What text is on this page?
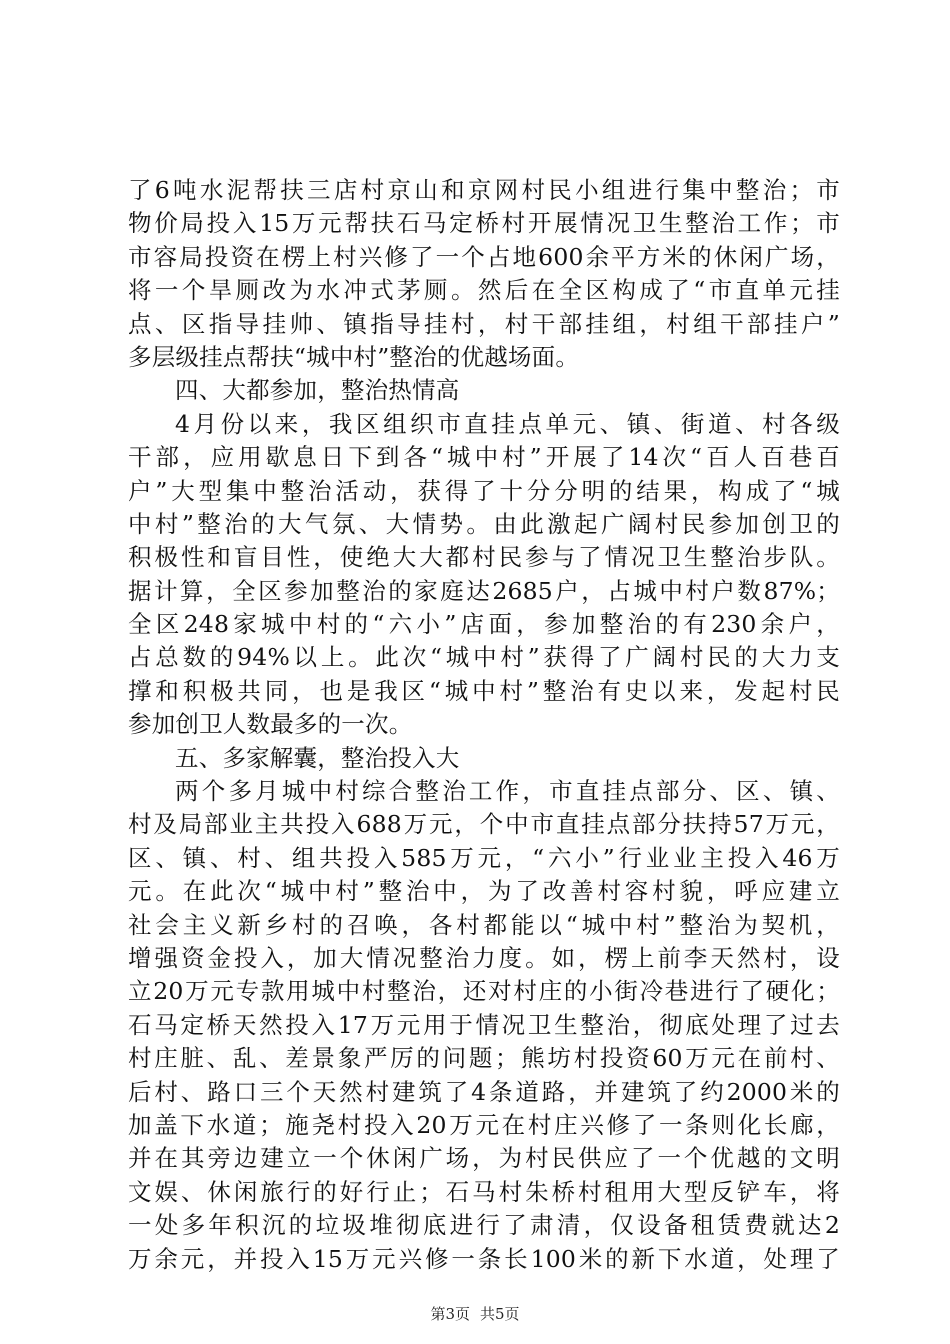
了6吨水泥帮扶三店村京山和京网村民小组进行集中整治；市
物价局投入15万元帮扶石马定桥村开展情况卫生整治工作；市
市容局投资在楞上村兴修了一个占地600余平方米的休闲广场，
将一个旱厕改为水冲式茅厕。然后在全区构成了“市直单元挂
点、区指导挂帅、镇指导挂村，村干部挂组，村组干部挂户”
多层级挂点帮扶“城中村”整治的优越场面。
四、大都参加，整治热情高
4月份以来，我区组织市直挂点单元、镇、街道、村各级
干部，应用歇息日下到各“城中村”开展了14次“百人百巷百
户”大型集中整治活动，获得了十分分明的结果，构成了“城
中村”整治的大气氛、大情势。由此激起广阔村民参加创卫的
积极性和盲目性，使绝大大都村民参与了情况卫生整治步队。
据计算，全区参加整治的家庭达2685户，占城中村户数87%；
全区248家城中村的“六小”店面，参加整治的有230余户，
占总数的94%以上。此次“城中村”获得了广阔村民的大力支
撑和积极共同，也是我区“城中村”整治有史以来，发起村民
参加创卫人数最多的一次。
五、多家解囊，整治投入大
两个多月城中村综合整治工作，市直挂点部分、区、镇、
村及局部业主共投入688万元，个中市直挂点部分扶持57万元，
区、镇、村、组共投入585万元，“六小”行业业主投入46万
元。在此次“城中村”整治中，为了改善村容村貌，呼应建立
社会主义新乡村的召唤，各村都能以“城中村”整治为契机，
增强资金投入，加大情况整治力度。如，楞上前李天然村，设
立20万元专款用城中村整治，还对村庄的小街冷巷进行了硬化；
石马定桥天然投入17万元用于情况卫生整治，彻底处理了过去
村庄脏、乱、差景象严厉的问题；熊坊村投资60万元在前村、
后村、路口三个天然村建筑了4条道路，并建筑了约2000米的
加盖下水道；施尧村投入20万元在村庄兴修了一条则化长廊，
并在其旁边建立一个休闲广场，为村民供应了一个优越的文明
文娱、休闲旅行的好行止；石马村朱桥村租用大型反铲车，将
一处多年积沉的垃圾堆彻底进行了肃清，仅设备租赁费就达2
万余元，并投入15万元兴修一条长100米的新下水道，处理了
第3页 共5页
